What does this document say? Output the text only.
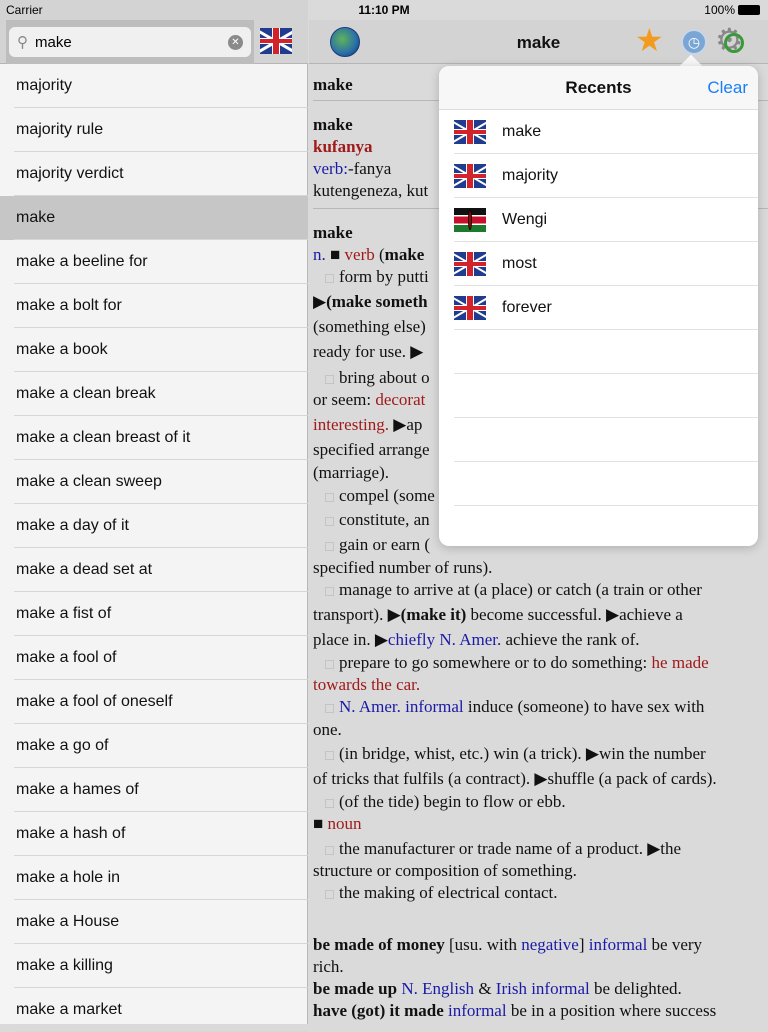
⚲ make	✕
majority
majority rule
majority verdict
make
make a beeline for
make a bolt for
make a book
make a clean break
make a clean breast of it
make a clean sweep
make a day of it
make a dead set at
make a fist of
make a fool of
make a fool of oneself
make a go of
make a hames of
make a hash of
make a hole in
make a House
make a killing
make a market
Carrier	11:10 PM	100%
make	★	◷ ⚙
make
make
kufanya
verb:-fanya
kutengeneza, kut
make
n. ■ verb (make
form by putti
▶(make someth
(something else)
ready for use. ▶
bring about o
or seem: decorat
interesting. ▶ap
specified arrange
(marriage).
compel (some
constitute, an
gain or earn (
specified number of runs).
manage to arrive at (a place) or catch (a train or other
transport). ▶(make it) become successful. ▶achieve a
place in. ▶chiefly N. Amer. achieve the rank of.
prepare to go somewhere or to do something: he made
towards the car.
N. Amer. informal induce (someone) to have sex with
one.
(in bridge, whist, etc.) win (a trick). ▶win the number
of tricks that fulfils (a contract). ▶shuffle (a pack of cards).
(of the tide) begin to flow or ebb.
■ noun
the manufacturer or trade name of a product. ▶the
structure or composition of something.
the making of electrical contact.
be made of money [usu. with negative] informal be very
rich.
be made up N. English & Irish informal be delighted.
have (got) it made informal be in a position where success
Recents	Clear
make
majority
Wengi
most
forever
